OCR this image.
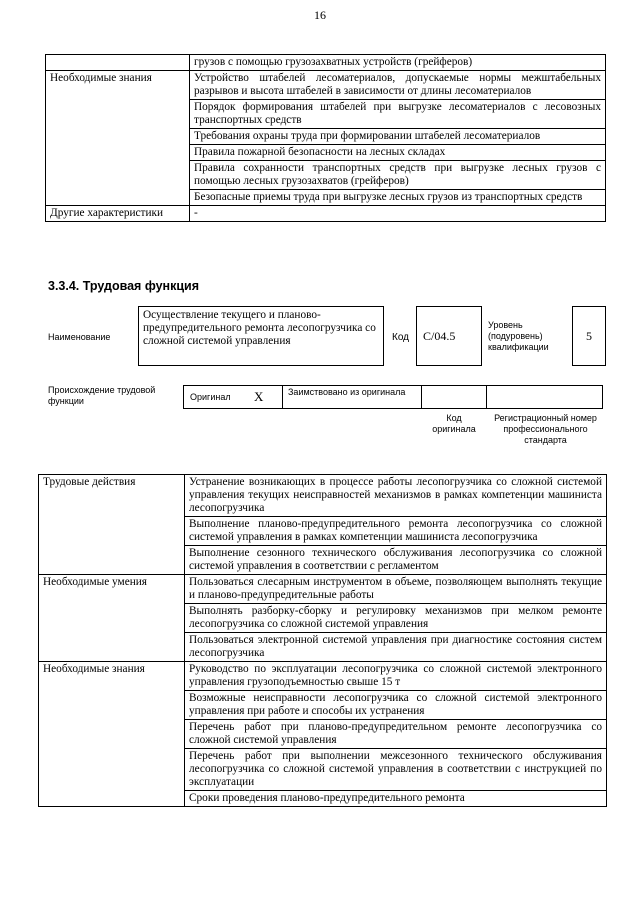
16
	грузов с помощью грузозахватных устройств (грейферов)
Необходимые знания	Устройство штабелей лесоматериалов, допускаемые нормы межштабельных разрывов и высота штабелей в зависимости от длины лесоматериалов
	Порядок формирования штабелей при выгрузке лесоматериалов с лесовозных транспортных средств
	Требования охраны труда при формировании штабелей лесоматериалов
	Правила пожарной безопасности на лесных складах
	Правила сохранности транспортных средств при выгрузке лесных грузов с помощью лесных грузозахватов (грейферов)
	Безопасные приемы труда при выгрузке лесных грузов из транспортных средств
Другие характеристики	-
3.3.4. Трудовая функция
Наименование
Осуществление текущего и планово-предупредительного ремонта лесопогрузчика со сложной системой управления	Код	С/04.5
Уровень (подуровень) квалификации
5
Происхождение трудовой функции	Оригинал X	Заимствовано из оригинала
Код оригинала
Регистрационный номер профессионального стандарта
Трудовые действия	Устранение возникающих в процессе работы лесопогрузчика со сложной системой управления текущих неисправностей механизмов в рамках компетенции машиниста лесопогрузчика
	Выполнение планово-предупредительного ремонта лесопогрузчика со сложной системой управления в рамках компетенции машиниста лесопогрузчика
	Выполнение сезонного технического обслуживания лесопогрузчика со сложной системой управления в соответствии с регламентом
Необходимые умения	Пользоваться слесарным инструментом в объеме, позволяющем выполнять текущие и планово-предупредительные работы
	Выполнять разборку-сборку и регулировку механизмов при мелком ремонте лесопогрузчика со сложной системой управления
	Пользоваться электронной системой управления при диагностике состояния систем лесопогрузчика
Необходимые знания	Руководство по эксплуатации лесопогрузчика со сложной системой электронного управления грузоподъемностью свыше 15 т
	Возможные неисправности лесопогрузчика со сложной системой электронного управления при работе и способы их устранения
	Перечень работ при планово-предупредительном ремонте лесопогрузчика со сложной системой управления
	Перечень работ при выполнении межсезонного технического обслуживания лесопогрузчика со сложной системой управления в соответствии с инструкцией по эксплуатации
	Сроки проведения планово-предупредительного ремонта
